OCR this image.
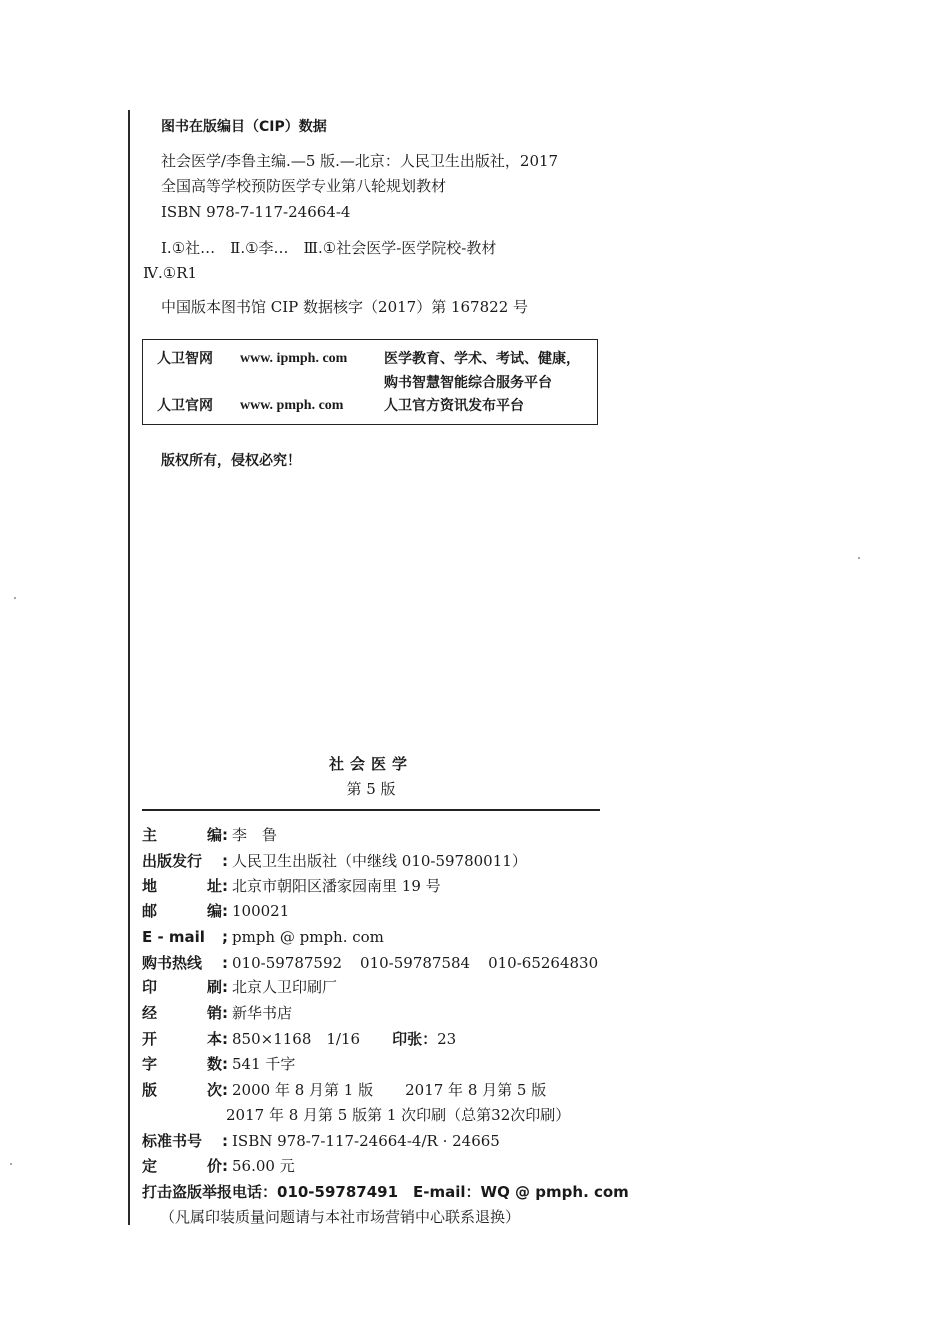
图书在版编目（CIP）数据
社会医学/李鲁主编.—5 版.—北京：人民卫生出版社，2017
全国高等学校预防医学专业第八轮规划教材
ISBN 978-7-117-24664-4
Ⅰ.①社…　Ⅱ.①李…　Ⅲ.①社会医学-医学院校-教材
Ⅳ.①R1
中国版本图书馆 CIP 数据核字（2017）第 167822 号
人卫智网 www. ipmph. com	医学教育、学术、考试、健康，
购书智慧智能综合服务平台
人卫官网 www. pmph. com	人卫官方资讯发布平台
版权所有，侵权必究！
社会医学
第 5 版
主	编 : 李　鲁
出版发行 : 人民卫生出版社（中继线 010-59780011）
地	址 : 北京市朝阳区潘家园南里 19 号
邮	编 : 100021
E - mail ; pmph @ pmph. com
购书热线 : 010-59787592 010-59787584 010-65264830
印	刷 : 北京人卫印刷厂
经	销 : 新华书店
开	本 : 850×1168　1/16 印张：23
字	数 : 541 千字
版	次 : 2000 年 8 月第 1 版 2017 年 8 月第 5 版
2017 年 8 月第 5 版第 1 次印刷（总第32次印刷）
标准书号 : ISBN 978-7-117-24664-4/R · 24665
定	价 : 56.00 元
打击盗版举报电话：010-59787491　E-mail：WQ @ pmph. com
（凡属印装质量问题请与本社市场营销中心联系退换）
